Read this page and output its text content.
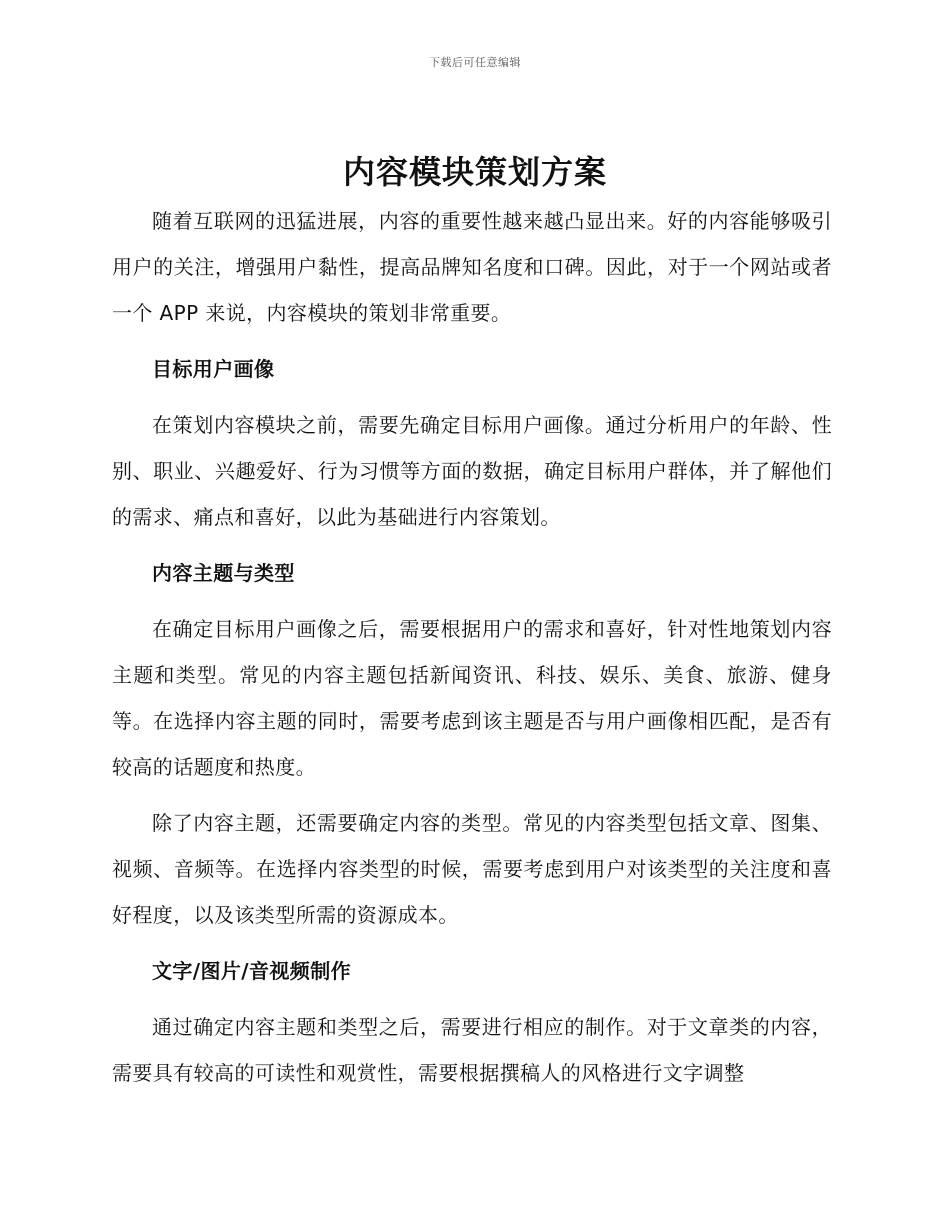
下载后可任意编辑
内容模块策划方案

随着互联网的迅猛进展，内容的重要性越来越凸显出来。好的内容能够吸引用户的关注，增强用户黏性，提高品牌知名度和口碑。因此，对于一个网站或者一个 APP 来说，内容模块的策划非常重要。

目标用户画像

在策划内容模块之前，需要先确定目标用户画像。通过分析用户的年龄、性别、职业、兴趣爱好、行为习惯等方面的数据，确定目标用户群体，并了解他们的需求、痛点和喜好，以此为基础进行内容策划。

内容主题与类型

在确定目标用户画像之后，需要根据用户的需求和喜好，针对性地策划内容主题和类型。常见的内容主题包括新闻资讯、科技、娱乐、美食、旅游、健身等。在选择内容主题的同时，需要考虑到该主题是否与用户画像相匹配，是否有较高的话题度和热度。

除了内容主题，还需要确定内容的类型。常见的内容类型包括文章、图集、视频、音频等。在选择内容类型的时候，需要考虑到用户对该类型的关注度和喜好程度，以及该类型所需的资源成本。

文字/图片/音视频制作

通过确定内容主题和类型之后，需要进行相应的制作。对于文章类的内容，需要具有较高的可读性和观赏性，需要根据撰稿人的风格进行文字调整
